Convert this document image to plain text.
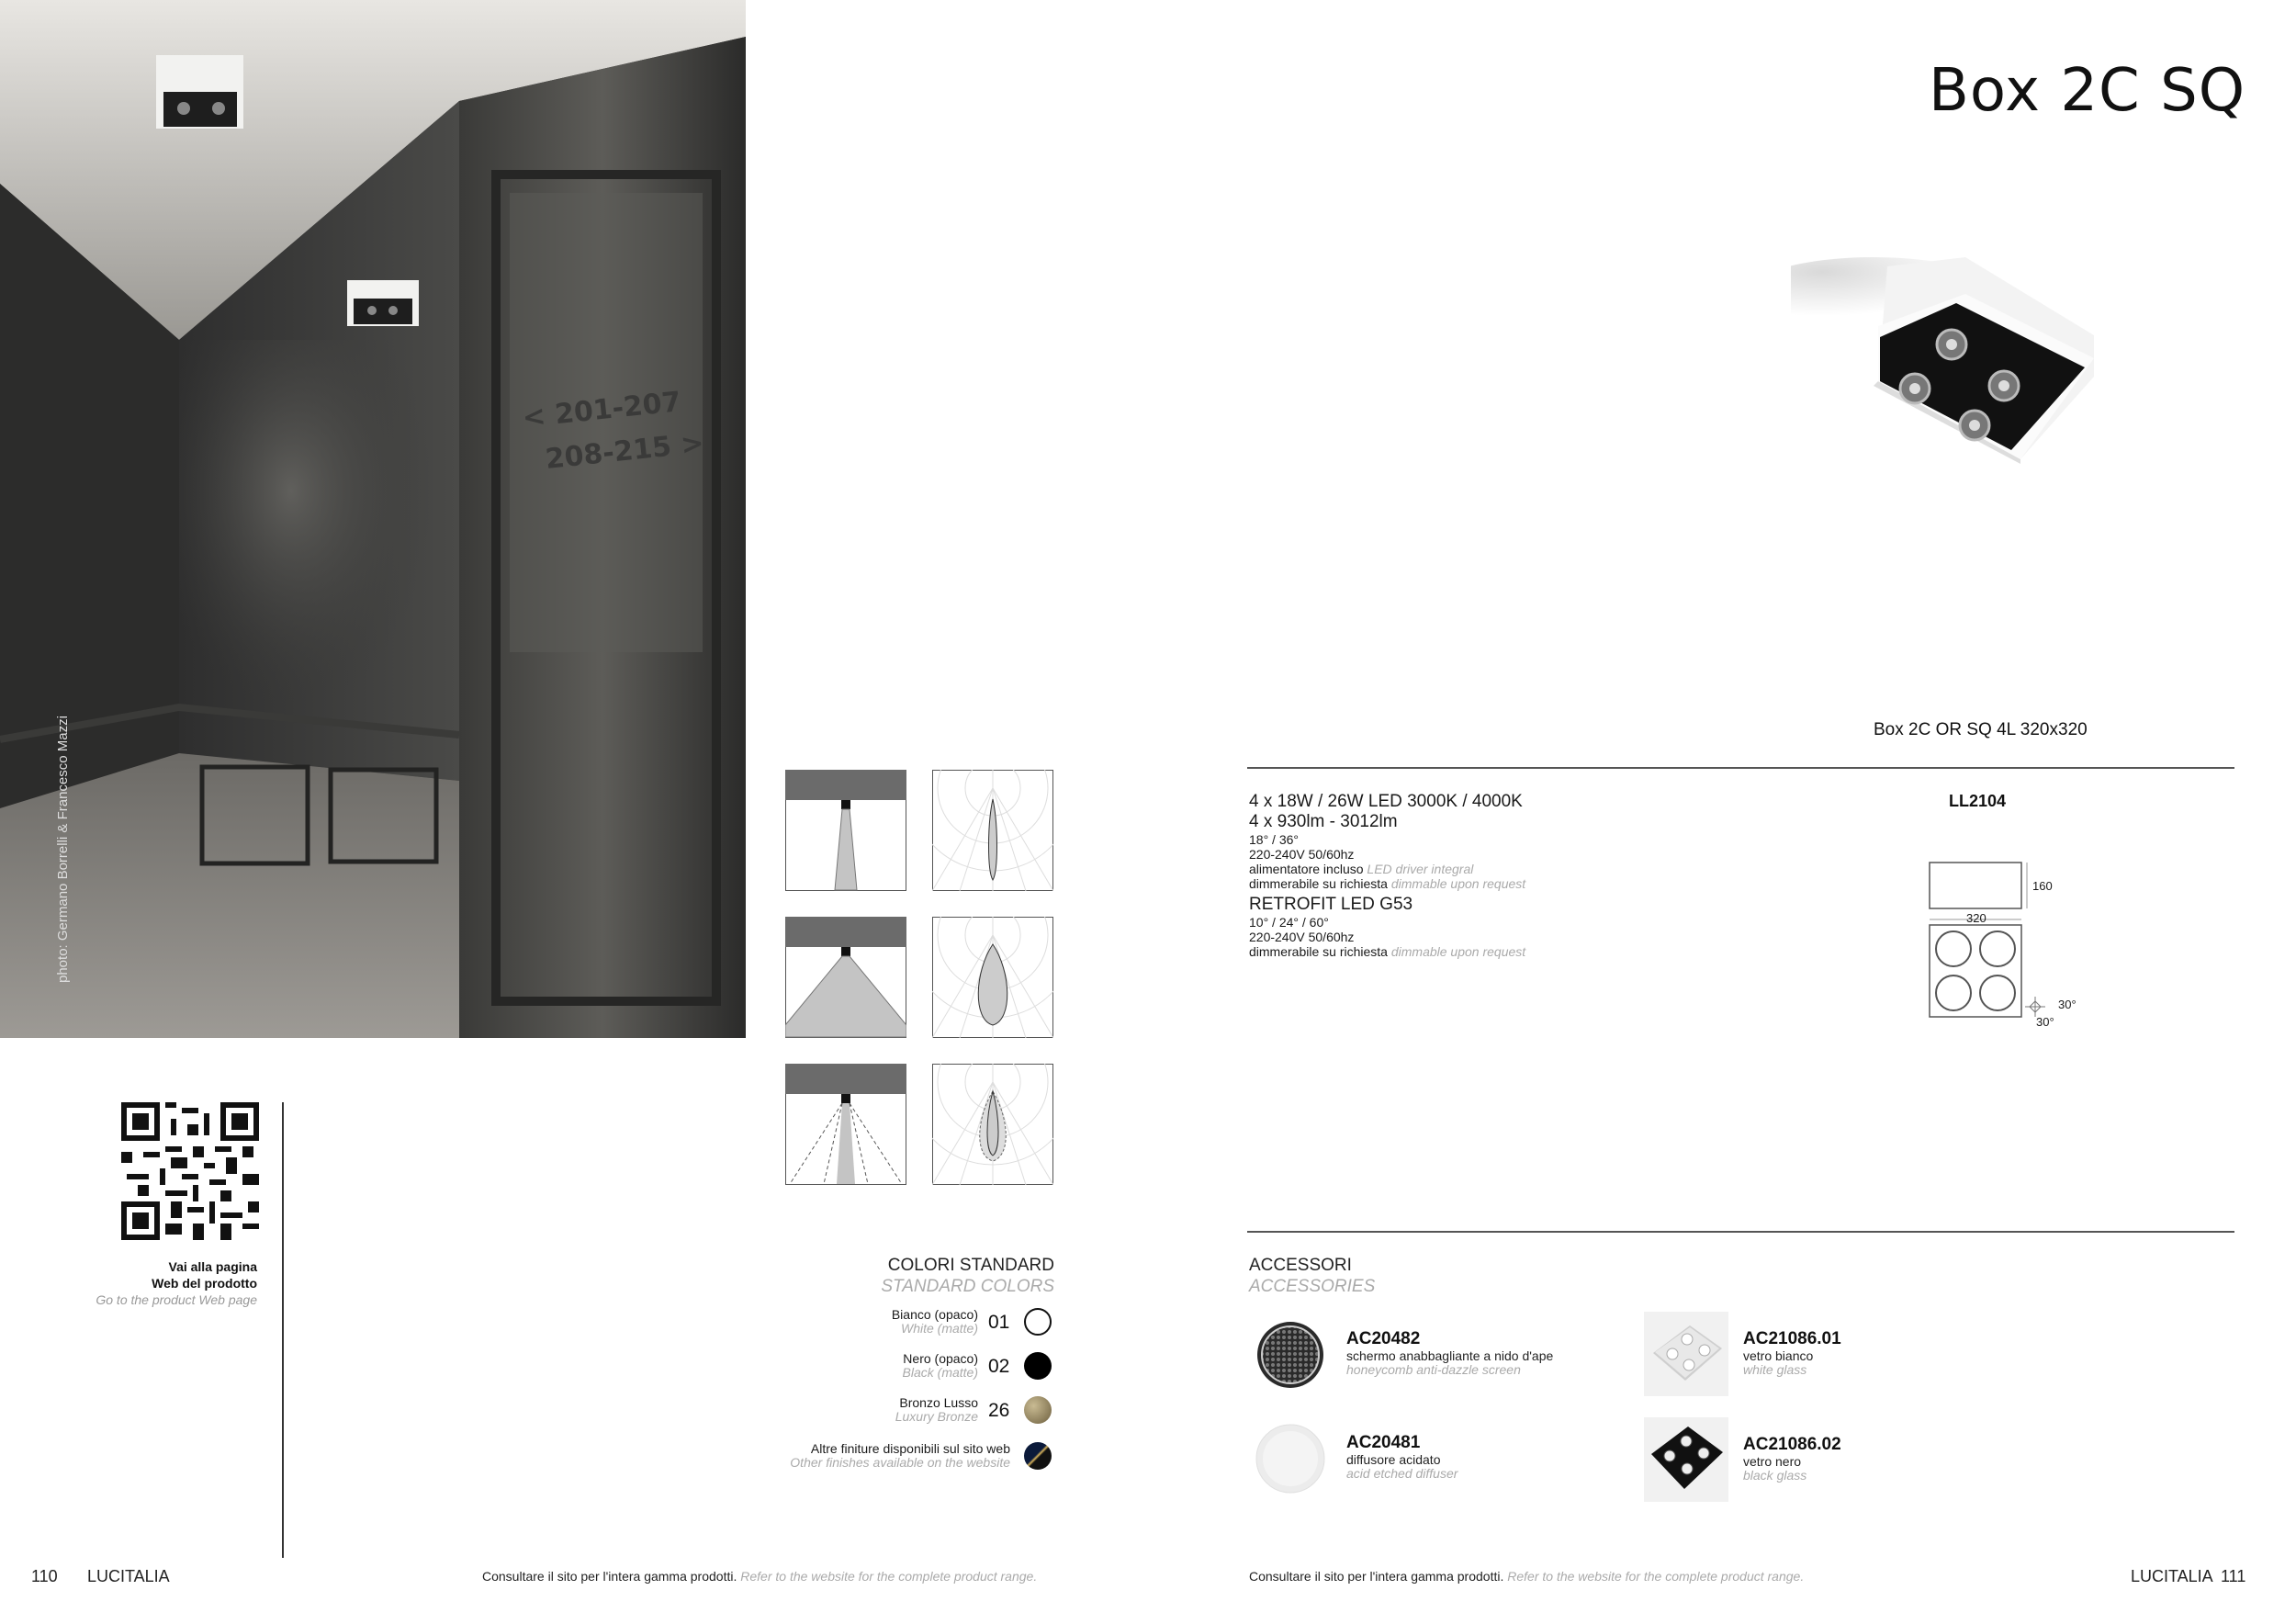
< 201-207
208-215 >
photo: Germano Borrelli & Francesco Mazzi
Vai alla pagina
Web del prodotto
Go to the product Web page
COLORI STANDARD
STANDARD COLORS
Bianco (opaco)
White (matte) 01
Nero (opaco)
Black (matte) 02
Bronzo Lusso
Luxury Bronze 26
Altre finiture disponibili sul sito web
Other finishes available on the website
110 LUCITALIA	Consultare il sito per l'intera gamma prodotti. Refer to the website for the complete product range.
Box 2C SQ
Box 2C OR SQ 4L 320x320
4 x 18W / 26W LED 3000K / 4000K
4 x 930lm - 3012lm
18° / 36°
220-240V 50/60hz
alimentatore incluso LED driver integral
dimmerabile su richiesta dimmable upon request
RETROFIT LED G53
10° / 24° / 60°
220-240V 50/60hz
dimmerabile su richiesta dimmable upon request
LL2104
160
320
30°
30°
ACCESSORI
ACCESSORIES
AC20482
schermo anabbagliante a nido d'ape
honeycomb anti-dazzle screen
AC20481
diffusore acidato
acid etched diffuser
AC21086.01
vetro bianco
white glass
AC21086.02
vetro nero
black glass
Consultare il sito per l'intera gamma prodotti. Refer to the website for the complete product range.	LUCITALIA 111
